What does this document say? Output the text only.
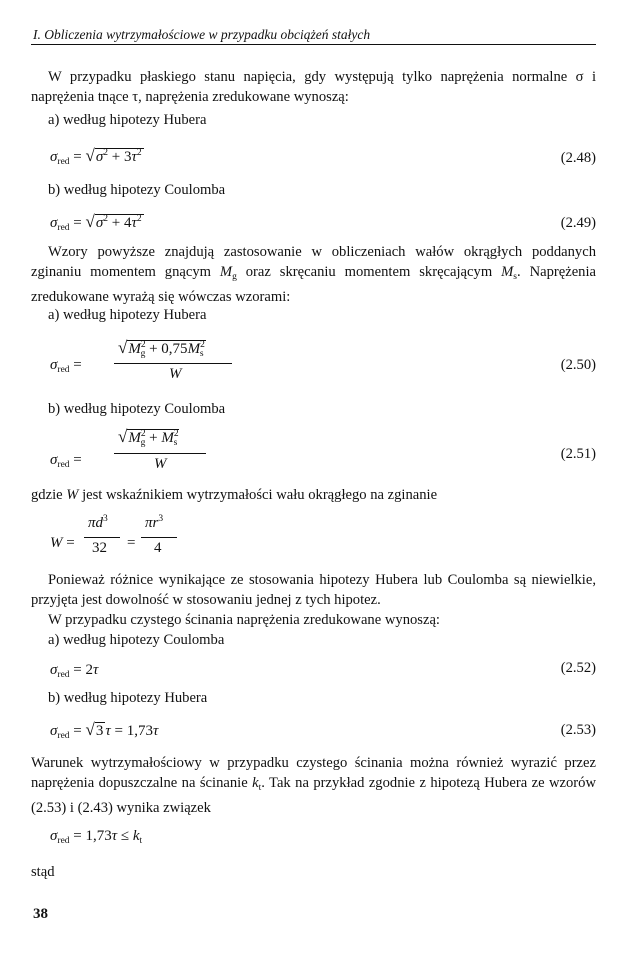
I. Obliczenia wytrzymałościowe w przypadku obciążeń stałych
W przypadku płaskiego stanu napięcia, gdy występują tylko naprężenia normalne σ i naprężenia tnące τ, naprężenia zredukowane wynoszą:
a) według hipotezy Hubera
$\sigma_{red} = √\sigma^2 + 3\tau^2$	(2.48)
b) według hipotezy Coulomba
$\sigma_{red} = √\sigma^2 + 4\tau^2$	(2.49)
Wzory powyższe znajdują zastosowanie w obliczeniach wałów okrągłych poddanych zginaniu momentem gnącym $M_g$ oraz skręcaniu momentem skręcającym $M_s$. Naprężenia zredukowane wyrażą się wówczas wzorami:
a) według hipotezy Hubera
$\sigma_{red}$ =
$√M^2_g + 0,75M^2_s$
W
(2.50)
b) według hipotezy Coulomba
$\sigma_{red}$ =
$√M^2_g + M^2_s$
W
(2.51)
gdzie W jest wskaźnikiem wytrzymałości wału okrągłego na zginanie
W =
$\pi d^3$
32 =
$\pi r^3$
4
Ponieważ różnice wynikające ze stosowania hipotezy Hubera lub Coulomba są niewielkie, przyjęta jest dowolność w stosowaniu jednej z tych hipotez.
W przypadku czystego ścinania naprężenia zredukowane wynoszą:
a) według hipotezy Coulomba
$\sigma_{red} = 2\tau$	(2.52)
b) według hipotezy Hubera
$\sigma_{red} = √3$ τ = 1,73τ	(2.53)
Warunek wytrzymałościowy w przypadku czystego ścinania można również wyrazić przez naprężenia dopuszczalne na ścinanie $k_t$. Tak na przykład zgodnie z hipotezą Hubera ze wzorów (2.53) i (2.43) wynika związek
$\sigma_{red} = 1,73\tau \le k_t$
stąd
38
